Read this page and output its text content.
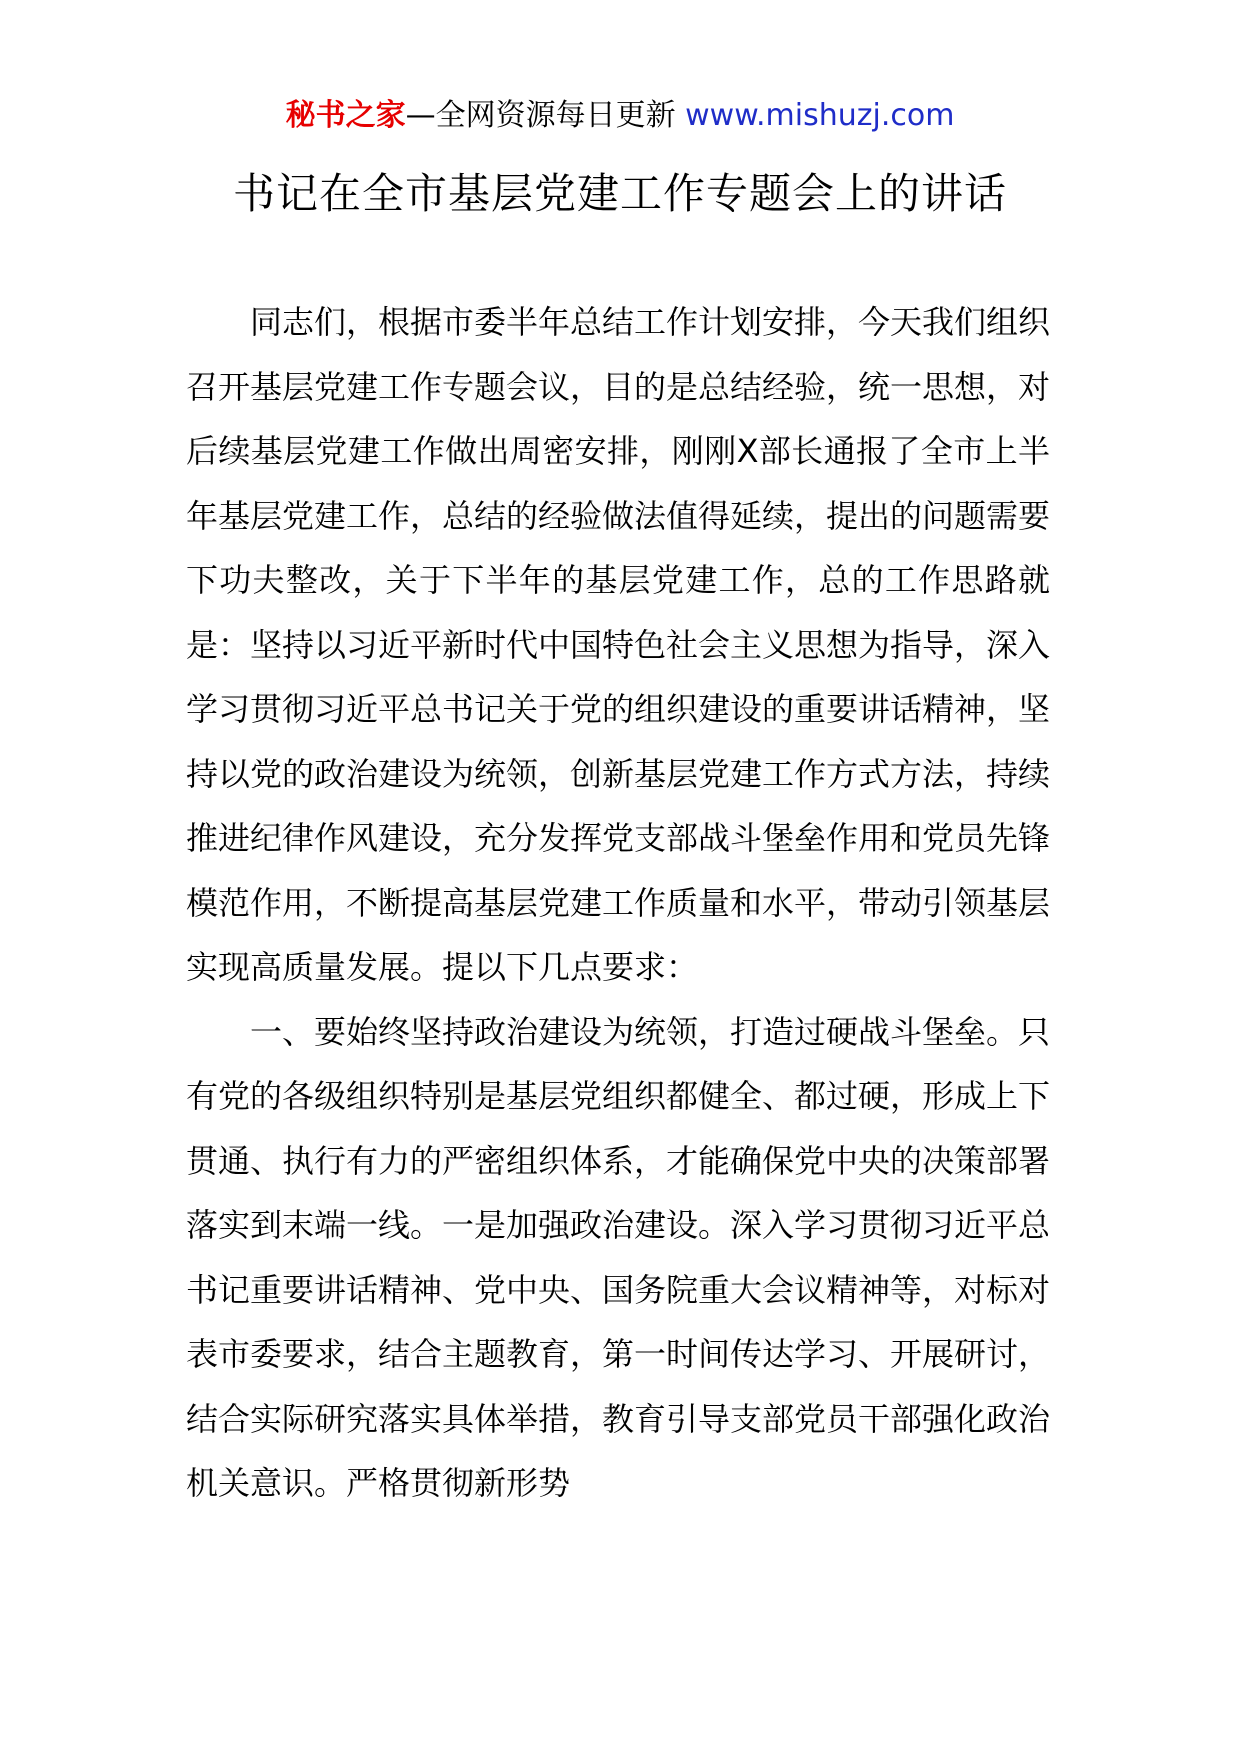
秘书之家—全网资源每日更新 www.mishuzj.com
书记在全市基层党建工作专题会上的讲话

同志们，根据市委半年总结工作计划安排，今天我们组织召开基层党建工作专题会议，目的是总结经验，统一思想，对后续基层党建工作做出周密安排，刚刚X部长通报了全市上半年基层党建工作，总结的经验做法值得延续，提出的问题需要下功夫整改，关于下半年的基层党建工作，总的工作思路就是：坚持以习近平新时代中国特色社会主义思想为指导，深入学习贯彻习近平总书记关于党的组织建设的重要讲话精神，坚持以党的政治建设为统领，创新基层党建工作方式方法，持续推进纪律作风建设，充分发挥党支部战斗堡垒作用和党员先锋模范作用，不断提高基层党建工作质量和水平，带动引领基层实现高质量发展。提以下几点要求：

一、要始终坚持政治建设为统领，打造过硬战斗堡垒。只有党的各级组织特别是基层党组织都健全、都过硬，形成上下贯通、执行有力的严密组织体系，才能确保党中央的决策部署落实到末端一线。一是加强政治建设。深入学习贯彻习近平总书记重要讲话精神、党中央、国务院重大会议精神等，对标对表市委要求，结合主题教育，第一时间传达学习、开展研讨，结合实际研究落实具体举措，教育引导支部党员干部强化政治机关意识。严格贯彻新形势
